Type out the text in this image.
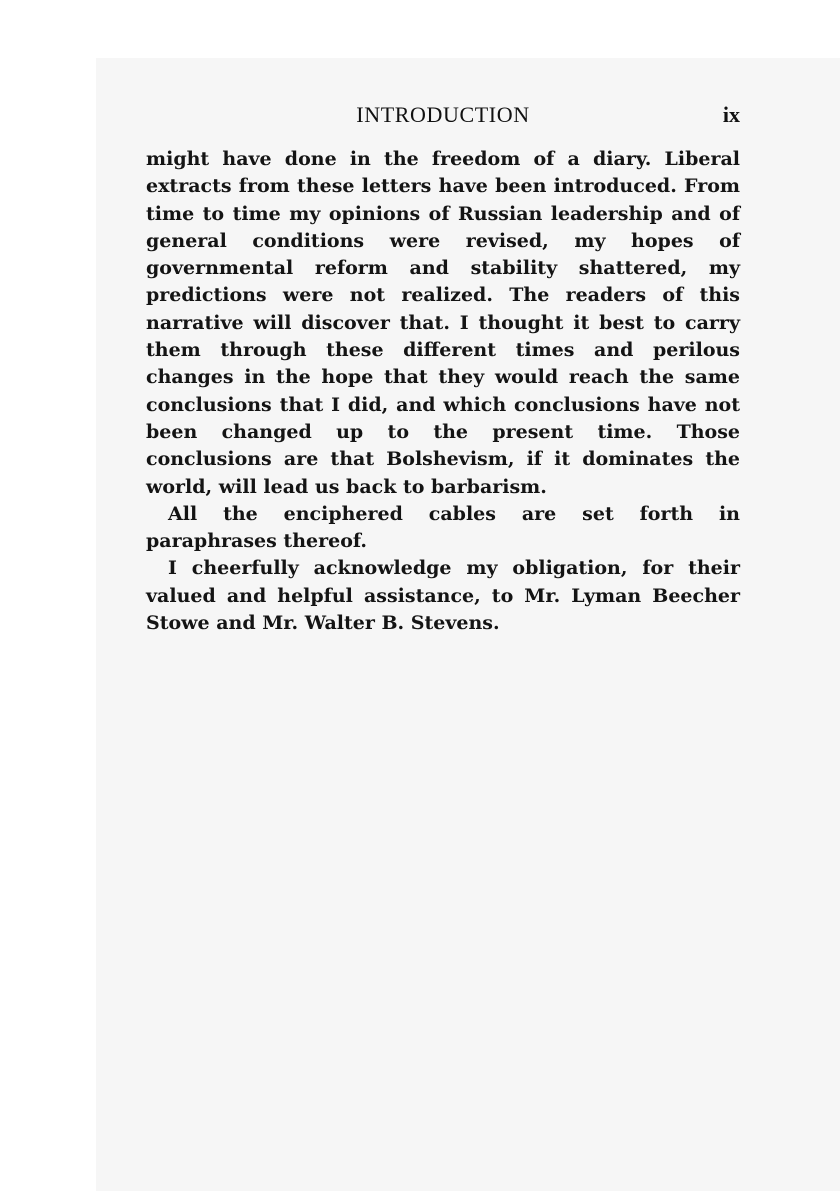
INTRODUCTION	ix

might have done in the freedom of a diary. Liberal extracts from these letters have been introduced. From time to time my opinions of Russian leadership and of general conditions were revised, my hopes of governmental reform and stability shattered, my predictions were not realized. The readers of this narrative will discover that. I thought it best to carry them through these different times and perilous changes in the hope that they would reach the same conclusions that I did, and which conclusions have not been changed up to the present time. Those conclusions are that Bolshevism, if it dominates the world, will lead us back to barbarism.

All the enciphered cables are set forth in paraphrases thereof.

I cheerfully acknowledge my obligation, for their valued and helpful assistance, to Mr. Lyman Beecher Stowe and Mr. Walter B. Stevens.
